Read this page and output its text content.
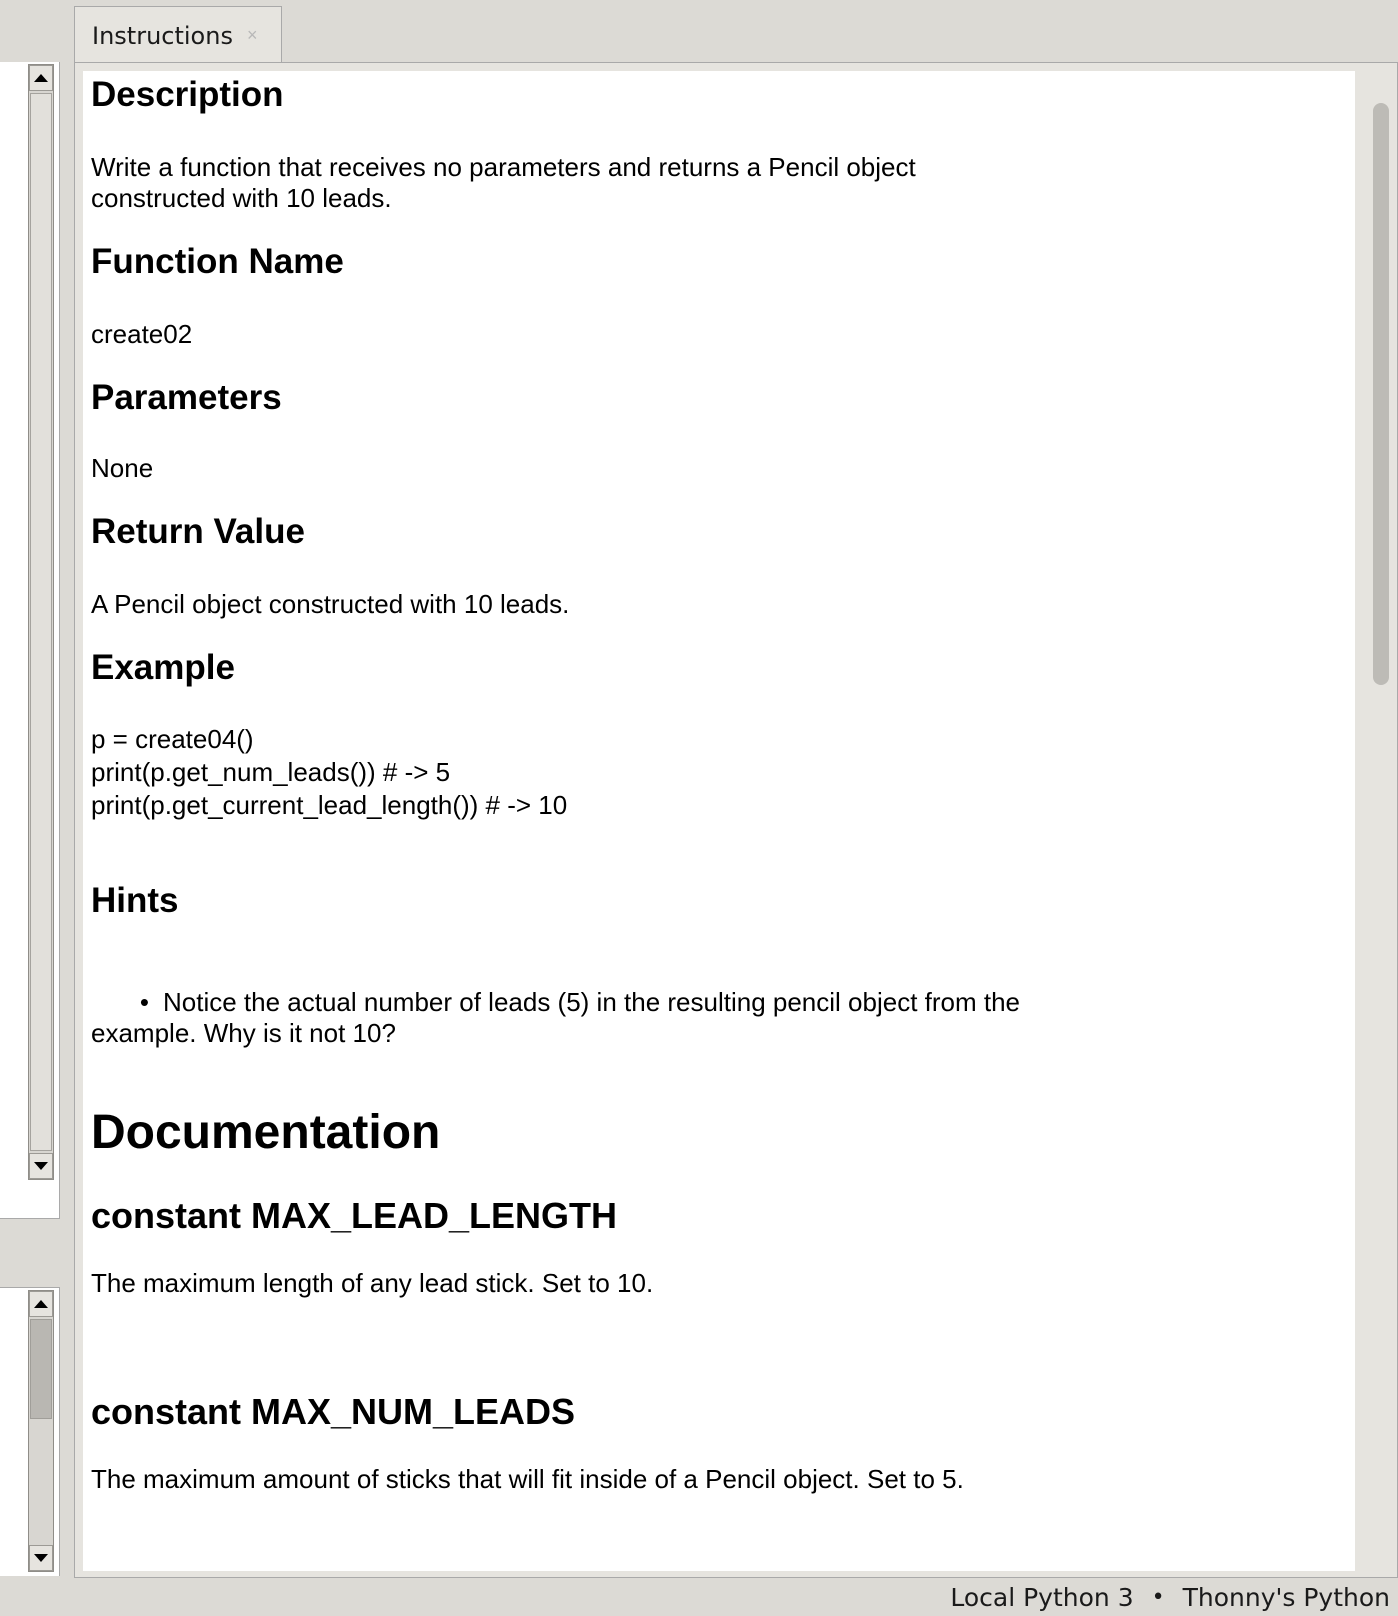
Instructions ×
Description
Write a function that receives no parameters and returns a Pencil object
constructed with 10 leads.
Function Name
create02
Parameters
None
Return Value
A Pencil object constructed with 10 leads.
Example
p = create04()
print(p.get_num_leads()) # -> 5
print(p.get_current_lead_length()) # -> 10
Hints
• Notice the actual number of leads (5) in the resulting pencil object from the
example. Why is it not 10?
Documentation
constant MAX_LEAD_LENGTH
The maximum length of any lead stick. Set to 10.
constant MAX_NUM_LEADS
The maximum amount of sticks that will fit inside of a Pencil object. Set to 5.
Local Python 3 • Thonny's Python
